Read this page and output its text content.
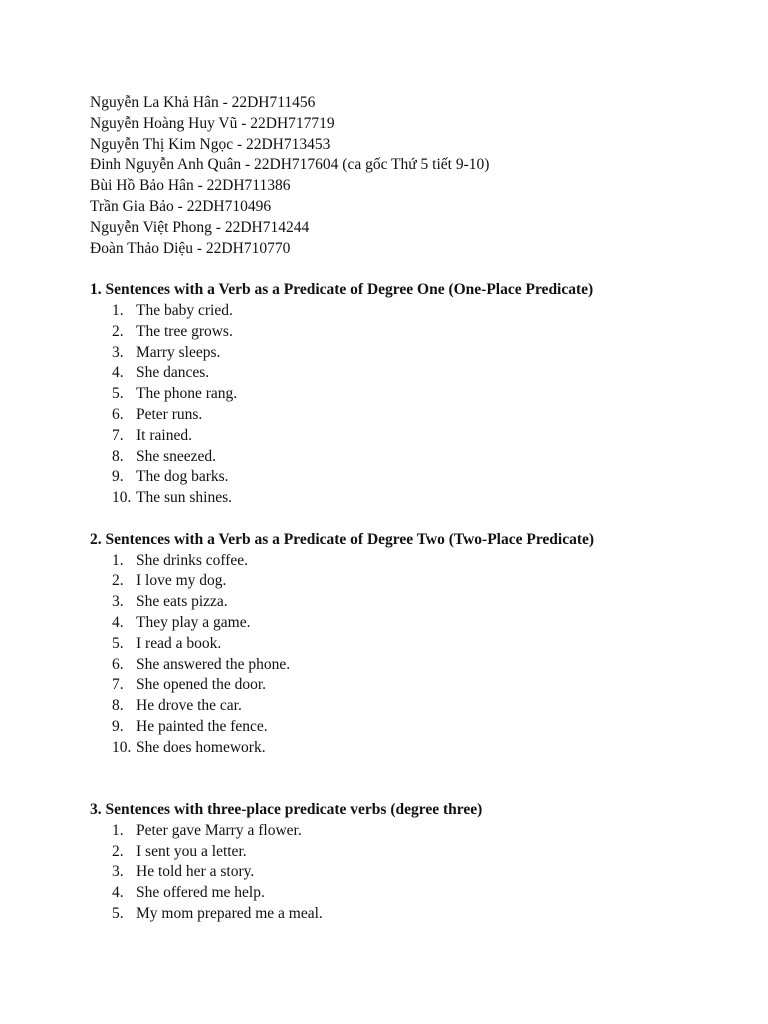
Nguyễn La Khả Hân - 22DH711456
Nguyễn Hoàng Huy Vũ - 22DH717719
Nguyễn Thị Kim Ngọc - 22DH713453
Đinh Nguyễn Anh Quân - 22DH717604 (ca gốc Thứ 5 tiết 9-10)
Bùi Hồ Bảo Hân - 22DH711386
Trần Gia Bảo - 22DH710496
Nguyễn Việt Phong - 22DH714244
Đoàn Thảo Diệu - 22DH710770
1. Sentences with a Verb as a Predicate of Degree One (One-Place Predicate)
1. The baby cried.
2. The tree grows.
3. Marry sleeps.
4. She dances.
5. The phone rang.
6. Peter runs.
7. It rained.
8. She sneezed.
9. The dog barks.
10. The sun shines.
2. Sentences with a Verb as a Predicate of Degree Two (Two-Place Predicate)
1. She drinks coffee.
2. I love my dog.
3. She eats pizza.
4. They play a game.
5. I read a book.
6. She answered the phone.
7. She opened the door.
8. He drove the car.
9. He painted the fence.
10. She does homework.
3. Sentences with three-place predicate verbs (degree three)
1. Peter gave Marry a flower.
2. I sent you a letter.
3. He told her a story.
4. She offered me help.
5. My mom prepared me a meal.
